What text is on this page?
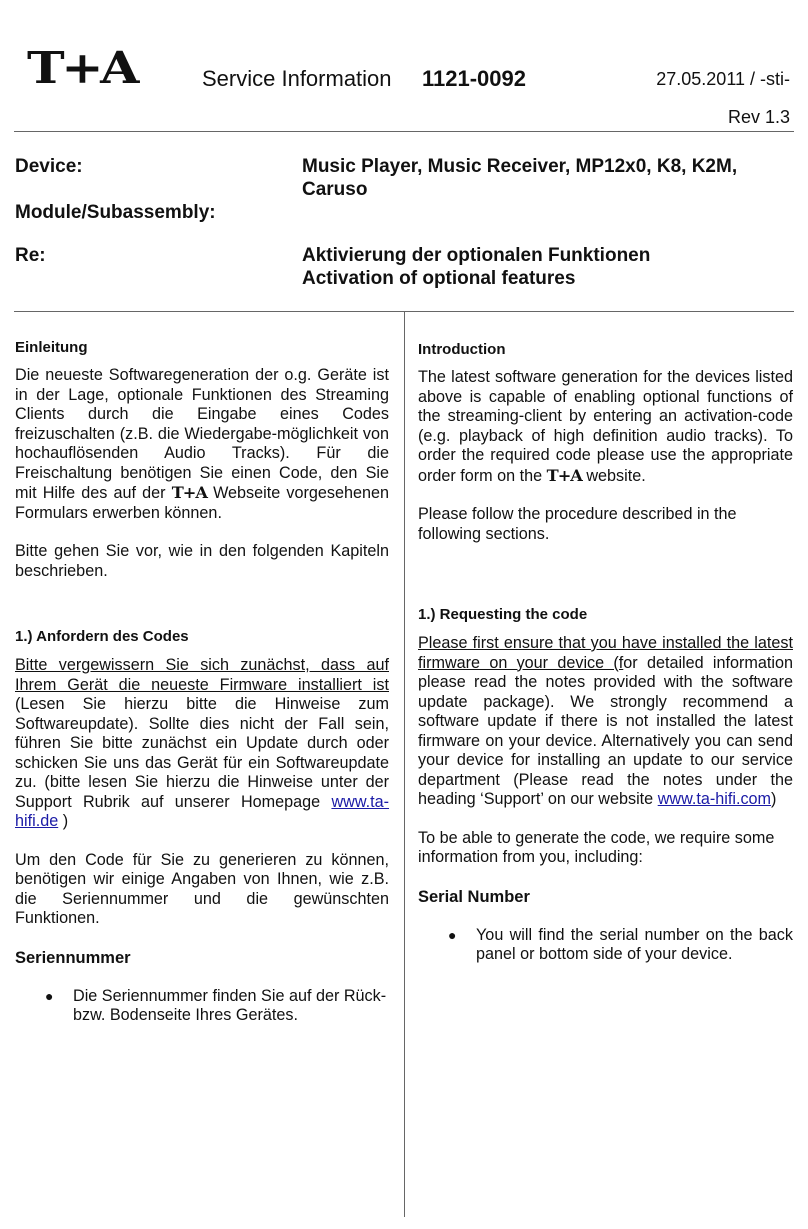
T+A	Service Information 1121-0092	27.05.2011 / -sti-
Rev 1.3
Device:	Music Player, Music Receiver, MP12x0, K8, K2M,
Caruso
Module/Subassembly:
Re:	Aktivierung der optionalen Funktionen
Activation of optional features
Einleitung

Die neueste Softwaregeneration der o.g. Geräte ist in der Lage, optionale Funktionen des Streaming Clients durch die Eingabe eines Codes freizuschalten (z.B. die Wiedergabe-möglichkeit von hochauflösenden Audio Tracks). Für die Freischaltung benötigen Sie einen Code, den Sie mit Hilfe des auf der T+A Webseite vorgesehenen Formulars erwerben können.

Bitte gehen Sie vor, wie in den folgenden Kapiteln beschrieben.

1.) Anfordern des Codes

Bitte vergewissern Sie sich zunächst, dass auf Ihrem Gerät die neueste Firmware installiert ist (Lesen Sie hierzu bitte die Hinweise zum Softwareupdate). Sollte dies nicht der Fall sein, führen Sie bitte zunächst ein Update durch oder schicken Sie uns das Gerät für ein Softwareupdate zu. (bitte lesen Sie hierzu die Hinweise unter der Support Rubrik auf unserer Homepage www.ta-hifi.de )

Um den Code für Sie zu generieren zu können, benötigen wir einige Angaben von Ihnen, wie z.B. die Seriennummer und die gewünschten Funktionen.

Seriennummer
●	Die Seriennummer finden Sie auf der Rück- bzw. Bodenseite Ihres Gerätes.
Introduction

The latest software generation for the devices listed above is capable of enabling optional functions of the streaming-client by entering an activation-code (e.g. playback of high definition audio tracks). To order the required code please use the appropriate order form on the T+A website.

Please follow the procedure described in the following sections.

1.) Requesting the code

Please first ensure that you have installed the latest firmware on your device (for detailed information please read the notes provided with the software update package). We strongly recommend a software update if there is not installed the latest firmware on your device. Alternatively you can send your device for installing an update to our service department (Please read the notes under the heading ‘Support’ on our website www.ta-hifi.com)

To be able to generate the code, we require some information from you, including:

Serial Number
●	You will find the serial number on the back panel or bottom side of your device.
